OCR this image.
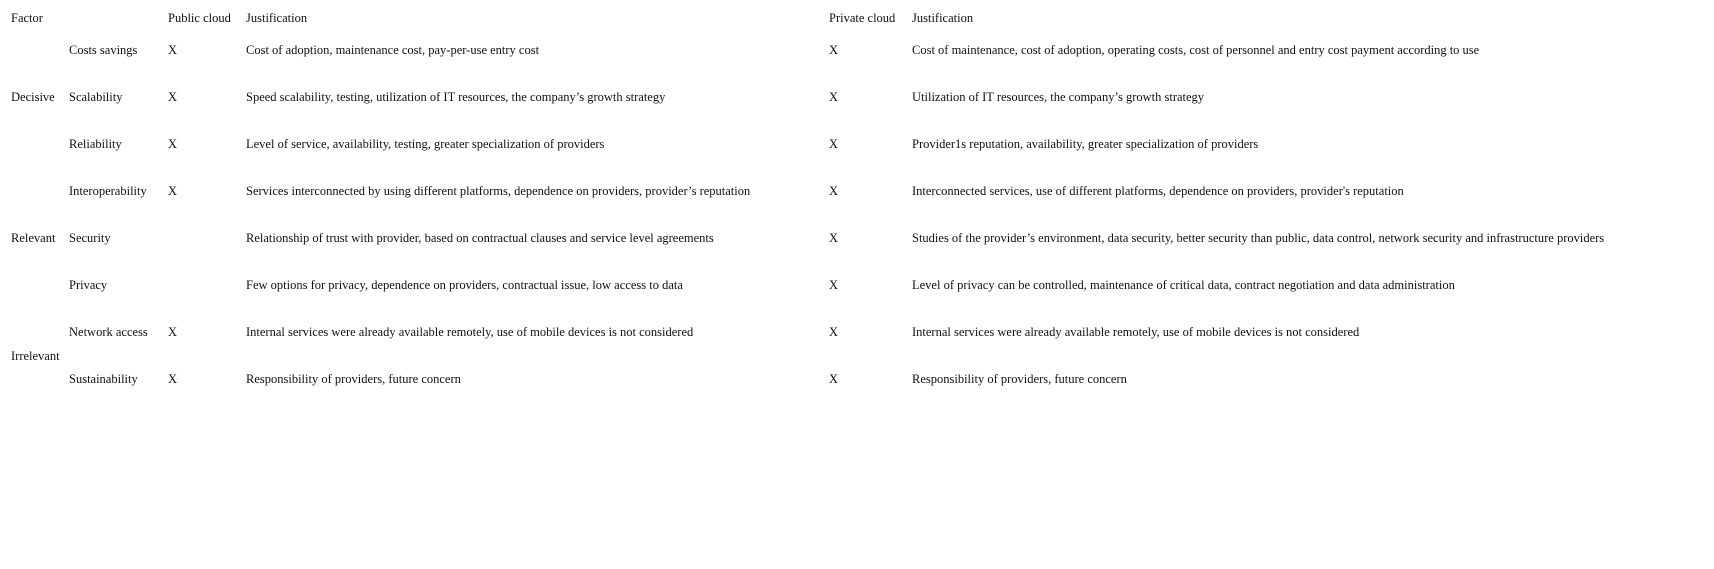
Factor		Public cloud	Justification	Private cloud	Justification
Decisive	Costs savings	X	Cost of adoption, maintenance cost, pay-per-use entry cost	X	Cost of maintenance, cost of adoption, operating costs, cost of personnel and entry cost payment according to use
	Scalability	X	Speed scalability, testing, utilization of IT resources, the company’s growth strategy	X	Utilization of IT resources, the company’s growth strategy
	Reliability	X	Level of service, availability, testing, greater specialization of providers	X	Provider1s reputation, availability, greater specialization of providers
Relevant	Interoperability	X	Services interconnected by using different platforms, dependence on providers, provider’s reputation	X	Interconnected services, use of different platforms, dependence on providers, provider's reputation
	Security		Relationship of trust with provider, based on contractual clauses and service level agreements	X	Studies of the provider’s environment, data security, better security than public, data control, network security and infrastructure providers
	Privacy		Few options for privacy, dependence on providers, contractual issue, low access to data	X	Level of privacy can be controlled, maintenance of critical data, contract negotiation and data administration
Irrelevant	Network access	X	Internal services were already available remotely, use of mobile devices is not considered	X	Internal services were already available remotely, use of mobile devices is not considered
	Sustainability	X	Responsibility of providers, future concern	X	Responsibility of providers, future concern
